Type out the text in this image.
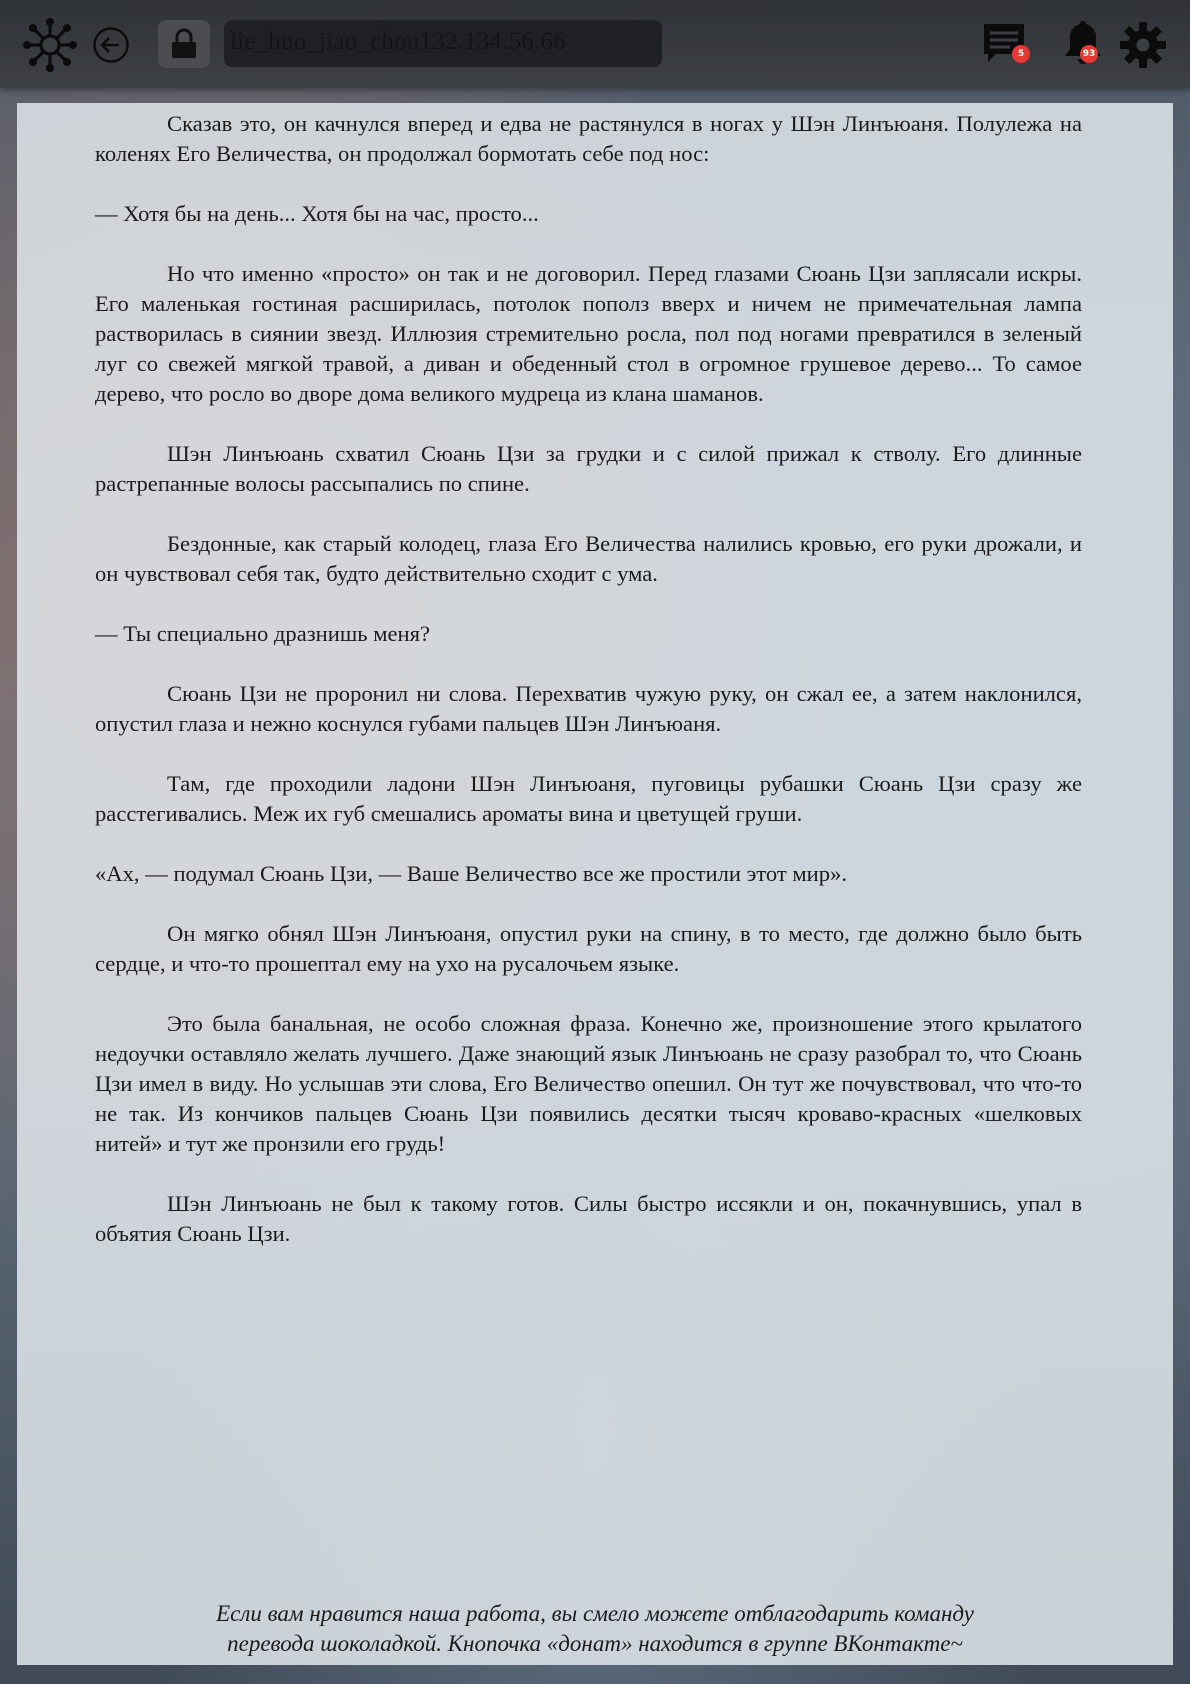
lie_huo_jiao_chou132.134.56.66	5	93

Сказав это, он качнулся вперед и едва не растянулся в ногах у Шэн Линъюаня. Полулежа на коленях Его Величества, он продолжал бормотать себе под нос:

— Хотя бы на день... Хотя бы на час, просто...

Но что именно «просто» он так и не договорил. Перед глазами Сюань Цзи заплясали искры. Его маленькая гостиная расширилась, потолок пополз вверх и ничем не примечательная лампа растворилась в сиянии звезд. Иллюзия стремительно росла, пол под ногами превратился в зеленый луг со свежей мягкой травой, а диван и обеденный стол в огромное грушевое дерево... То самое дерево, что росло во дворе дома великого мудреца из клана шаманов.

Шэн Линъюань схватил Сюань Цзи за грудки и с силой прижал к стволу. Его длинные растрепанные волосы рассыпались по спине.

Бездонные, как старый колодец, глаза Его Величества налились кровью, его руки дрожали, и он чувствовал себя так, будто действительно сходит с ума.

— Ты специально дразнишь меня?

Сюань Цзи не проронил ни слова. Перехватив чужую руку, он сжал ее, а затем наклонился, опустил глаза и нежно коснулся губами пальцев Шэн Линъюаня.

Там, где проходили ладони Шэн Линъюаня, пуговицы рубашки Сюань Цзи сразу же расстегивались. Меж их губ смешались ароматы вина и цветущей груши.

«Ах, — подумал Сюань Цзи, — Ваше Величество все же простили этот мир».

Он мягко обнял Шэн Линъюаня, опустил руки на спину, в то место, где должно было быть сердце, и что-то прошептал ему на ухо на русалочьем языке.

Это была банальная, не особо сложная фраза. Конечно же, произношение этого крылатого недоучки оставляло желать лучшего. Даже знающий язык Линъюань не сразу разобрал то, что Сюань Цзи имел в виду. Но услышав эти слова, Его Величество опешил. Он тут же почувствовал, что что-то не так. Из кончиков пальцев Сюань Цзи появились десятки тысяч кроваво-красных «шелковых нитей» и тут же пронзили его грудь!

Шэн Линъюань не был к такому готов. Силы быстро иссякли и он, покачнувшись, упал в объятия Сюань Цзи.

Если вам нравится наша работа, вы смело можете отблагодарить команду
перевода шоколадкой. Кнопочка «донат» находится в группе ВКонтакте~
